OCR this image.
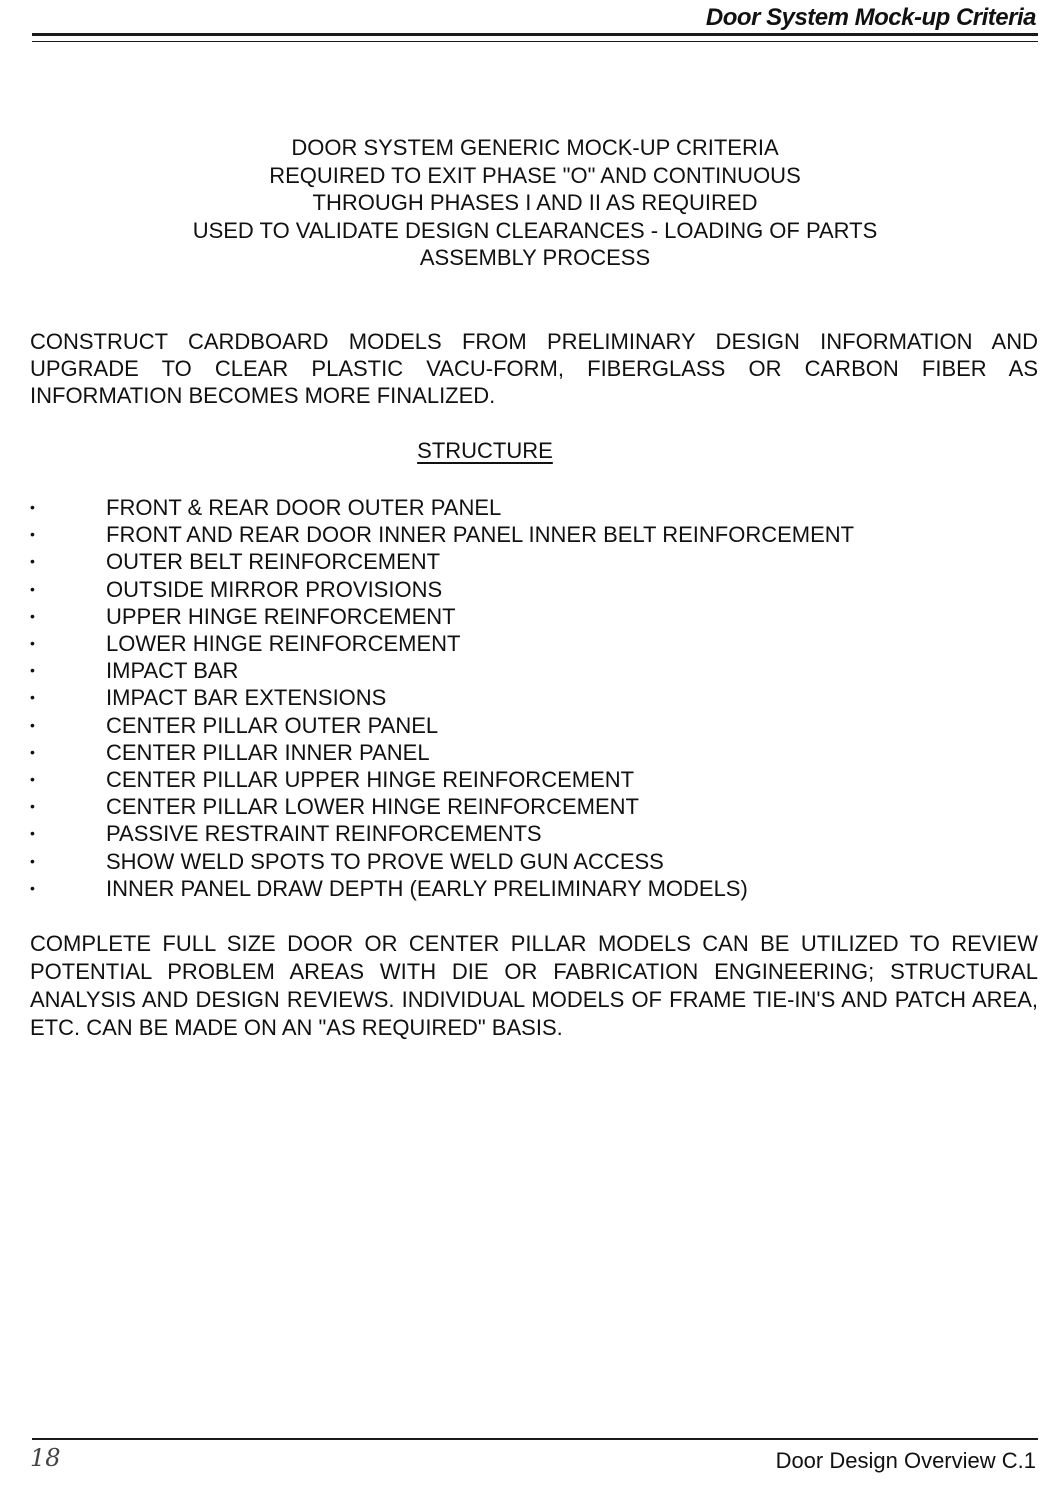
Door System Mock-up Criteria
DOOR SYSTEM GENERIC MOCK-UP CRITERIA
REQUIRED TO EXIT PHASE "O" AND CONTINUOUS
THROUGH PHASES I AND II AS REQUIRED
USED TO VALIDATE DESIGN CLEARANCES - LOADING OF PARTS
ASSEMBLY PROCESS
CONSTRUCT CARDBOARD MODELS FROM PRELIMINARY DESIGN INFORMATION AND UPGRADE TO CLEAR PLASTIC VACU-FORM, FIBERGLASS OR CARBON FIBER AS INFORMATION BECOMES MORE FINALIZED.
STRUCTURE
•	FRONT & REAR DOOR OUTER PANEL
•	FRONT AND REAR DOOR INNER PANEL INNER BELT REINFORCEMENT
•	OUTER BELT REINFORCEMENT
•	OUTSIDE MIRROR PROVISIONS
•	UPPER HINGE REINFORCEMENT
•	LOWER HINGE REINFORCEMENT
•	IMPACT BAR
•	IMPACT BAR EXTENSIONS
•	CENTER PILLAR OUTER PANEL
•	CENTER PILLAR INNER PANEL
•	CENTER PILLAR UPPER HINGE REINFORCEMENT
•	CENTER PILLAR LOWER HINGE REINFORCEMENT
•	PASSIVE RESTRAINT REINFORCEMENTS
•	SHOW WELD SPOTS TO PROVE WELD GUN ACCESS
•	INNER PANEL DRAW DEPTH (EARLY PRELIMINARY MODELS)
COMPLETE FULL SIZE DOOR OR CENTER PILLAR MODELS CAN BE UTILIZED TO REVIEW POTENTIAL PROBLEM AREAS WITH DIE OR FABRICATION ENGINEERING; STRUCTURAL ANALYSIS AND DESIGN REVIEWS. INDIVIDUAL MODELS OF FRAME TIE-IN'S AND PATCH AREA, ETC. CAN BE MADE ON AN "AS REQUIRED" BASIS.
18	Door Design Overview C.1
